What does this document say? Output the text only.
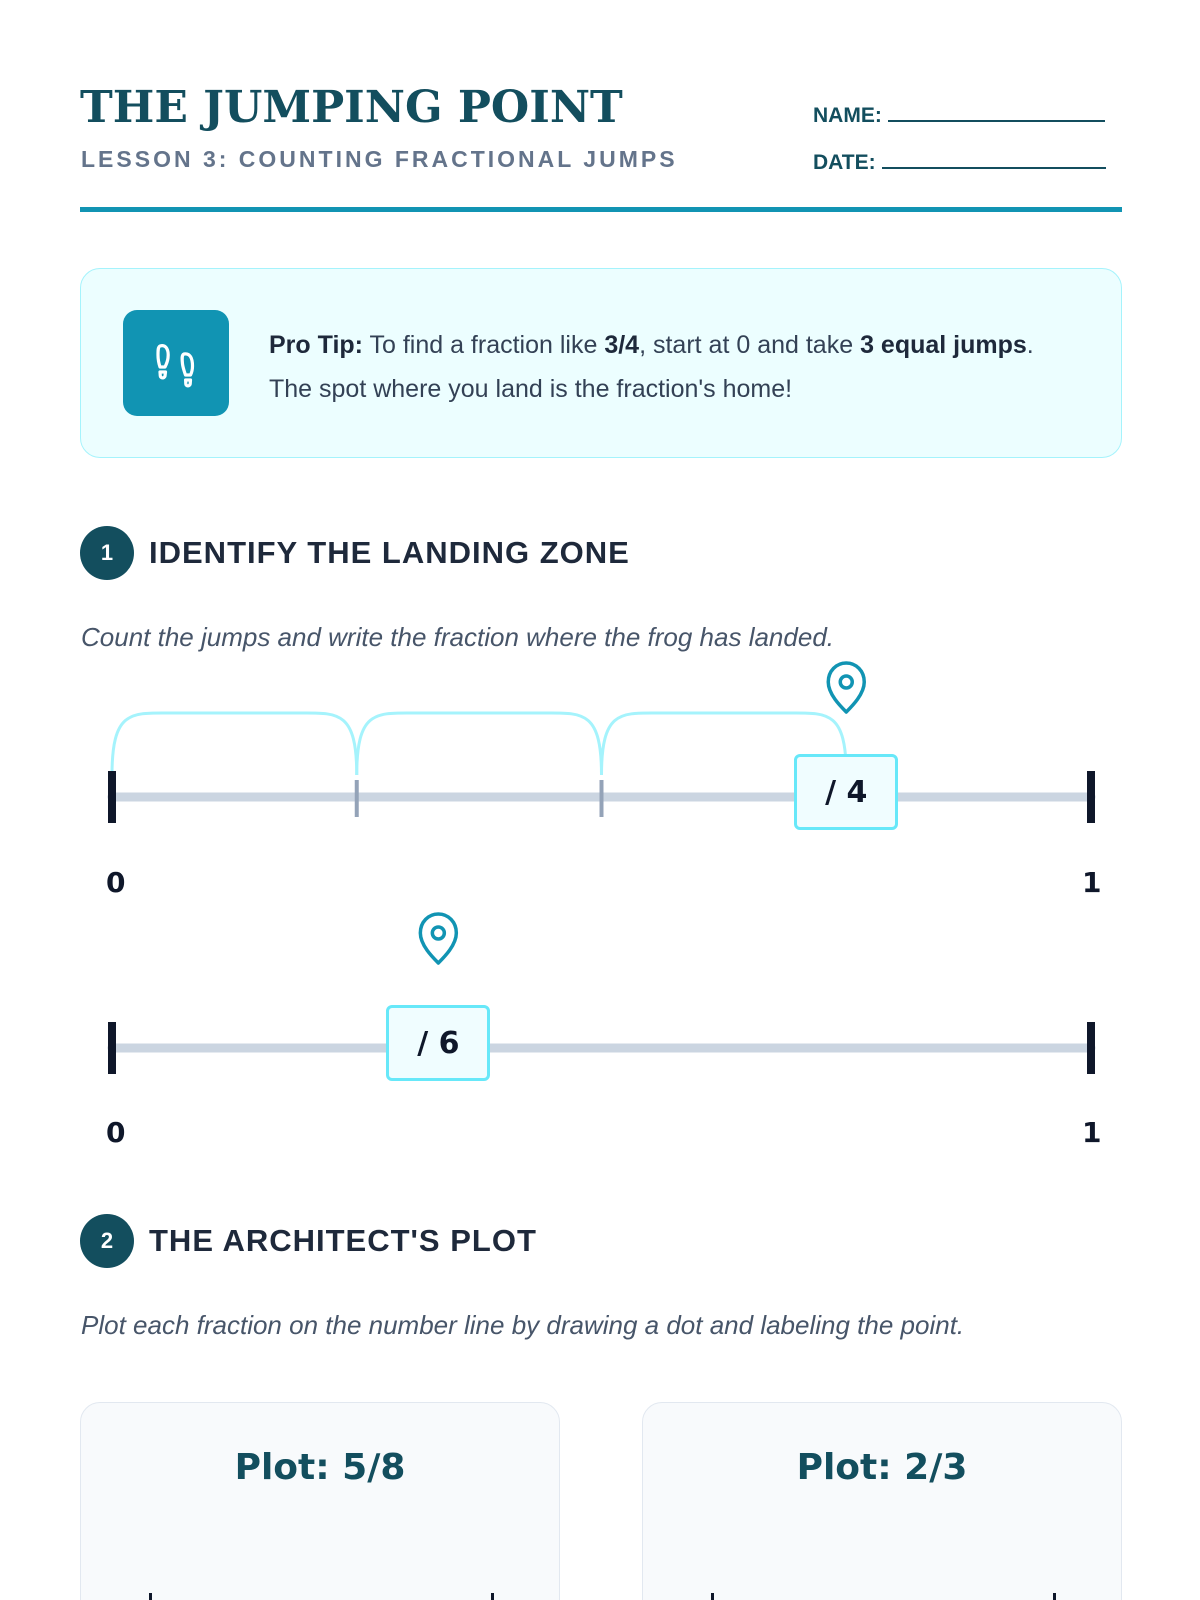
THE JUMPING POINT
LESSON 3: COUNTING FRACTIONAL JUMPS
NAME:
DATE:
Pro Tip: To find a fraction like 3/4, start at 0 and take 3 equal jumps. The spot where you land is the fraction's home!
1	IDENTIFY THE LANDING ZONE
Count the jumps and write the fraction where the frog has landed.
0	1
/ 4
0	1
/ 6
2	THE ARCHITECT'S PLOT
Plot each fraction on the number line by drawing a dot and labeling the point.
Plot: 5/8	Plot: 2/3
